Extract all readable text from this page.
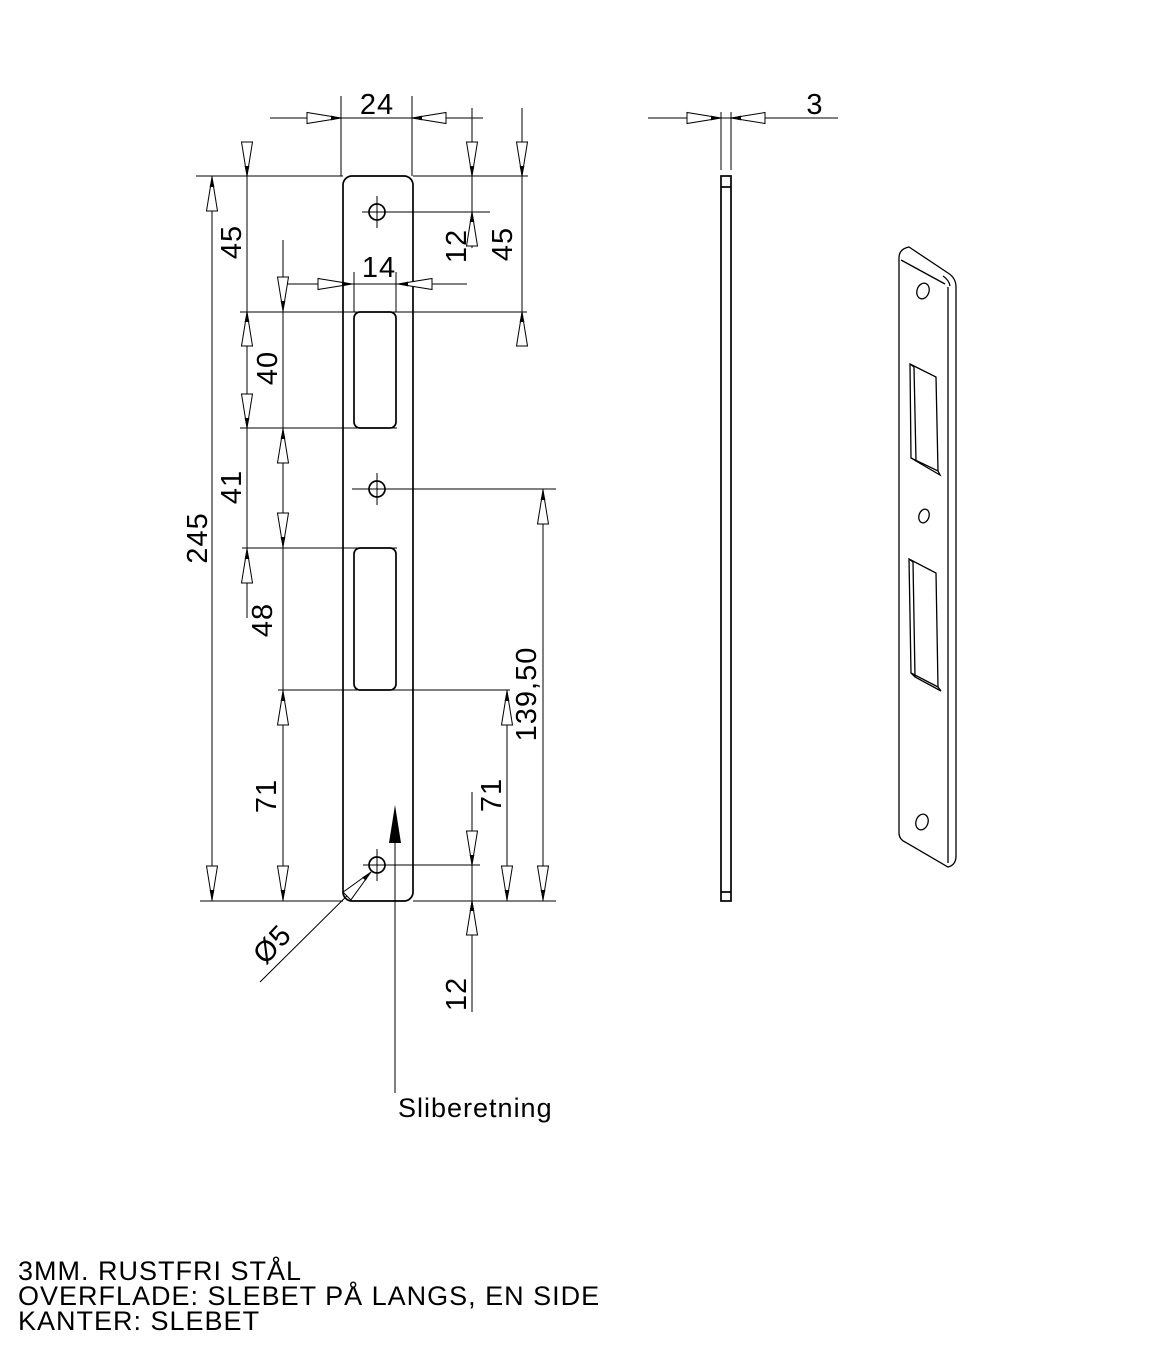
24
14
3
245
45
40
41
48
71
12 45
139,50
71
12
Ø5
Sliberetning
3MM. RUSTFRI STÅL
OVERFLADE: SLEBET PÅ LANGS, EN SIDE
KANTER: SLEBET
